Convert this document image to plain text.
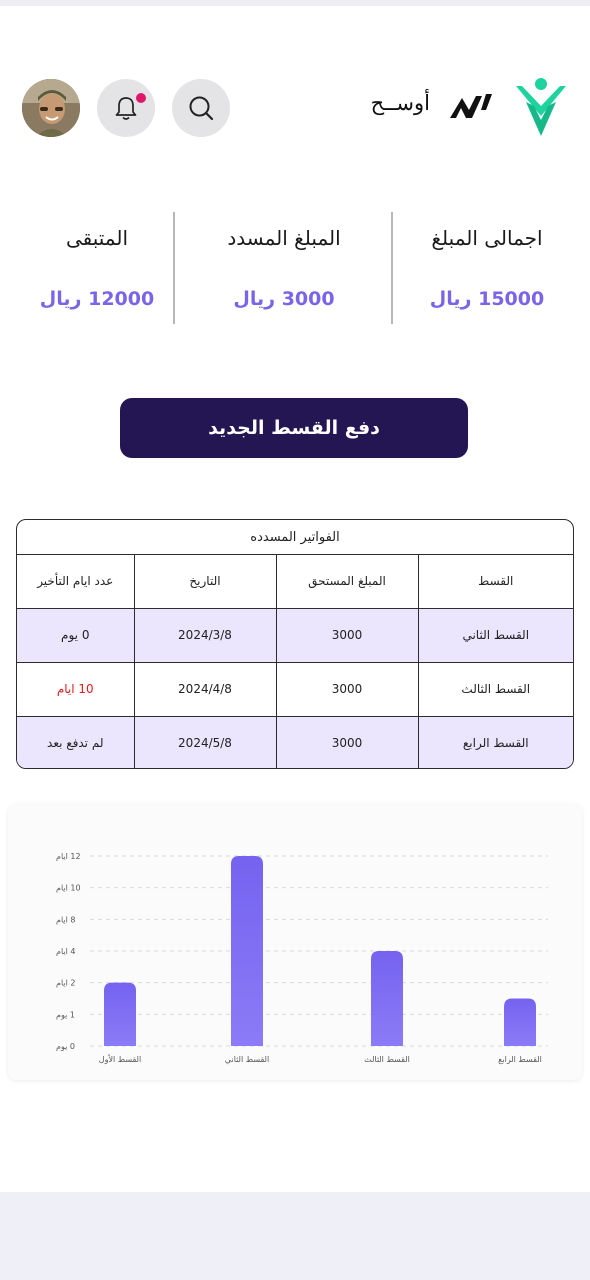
أوســح
اجمالى المبلغ
15000 ريال
المبلغ المسدد
3000 ريال
المتبقى
12000 ريال
دفع القسط الجديد
الفواتير المسدده
القسط	المبلغ المستحق	التاريخ	عدد ايام التأخير
القسط الثاني	3000	2024/3/8	0 يوم
القسط الثالث	3000	2024/4/8	10 ايام
القسط الرابع	3000	2024/5/8	لم تدفع بعد
0 يوم
1 يوم
2 ايام
4 ايام
8 ايام
10 ايام
12 ايام
القسط الأول	القسط الثاني	القسط الثالث	القسط الرابع
